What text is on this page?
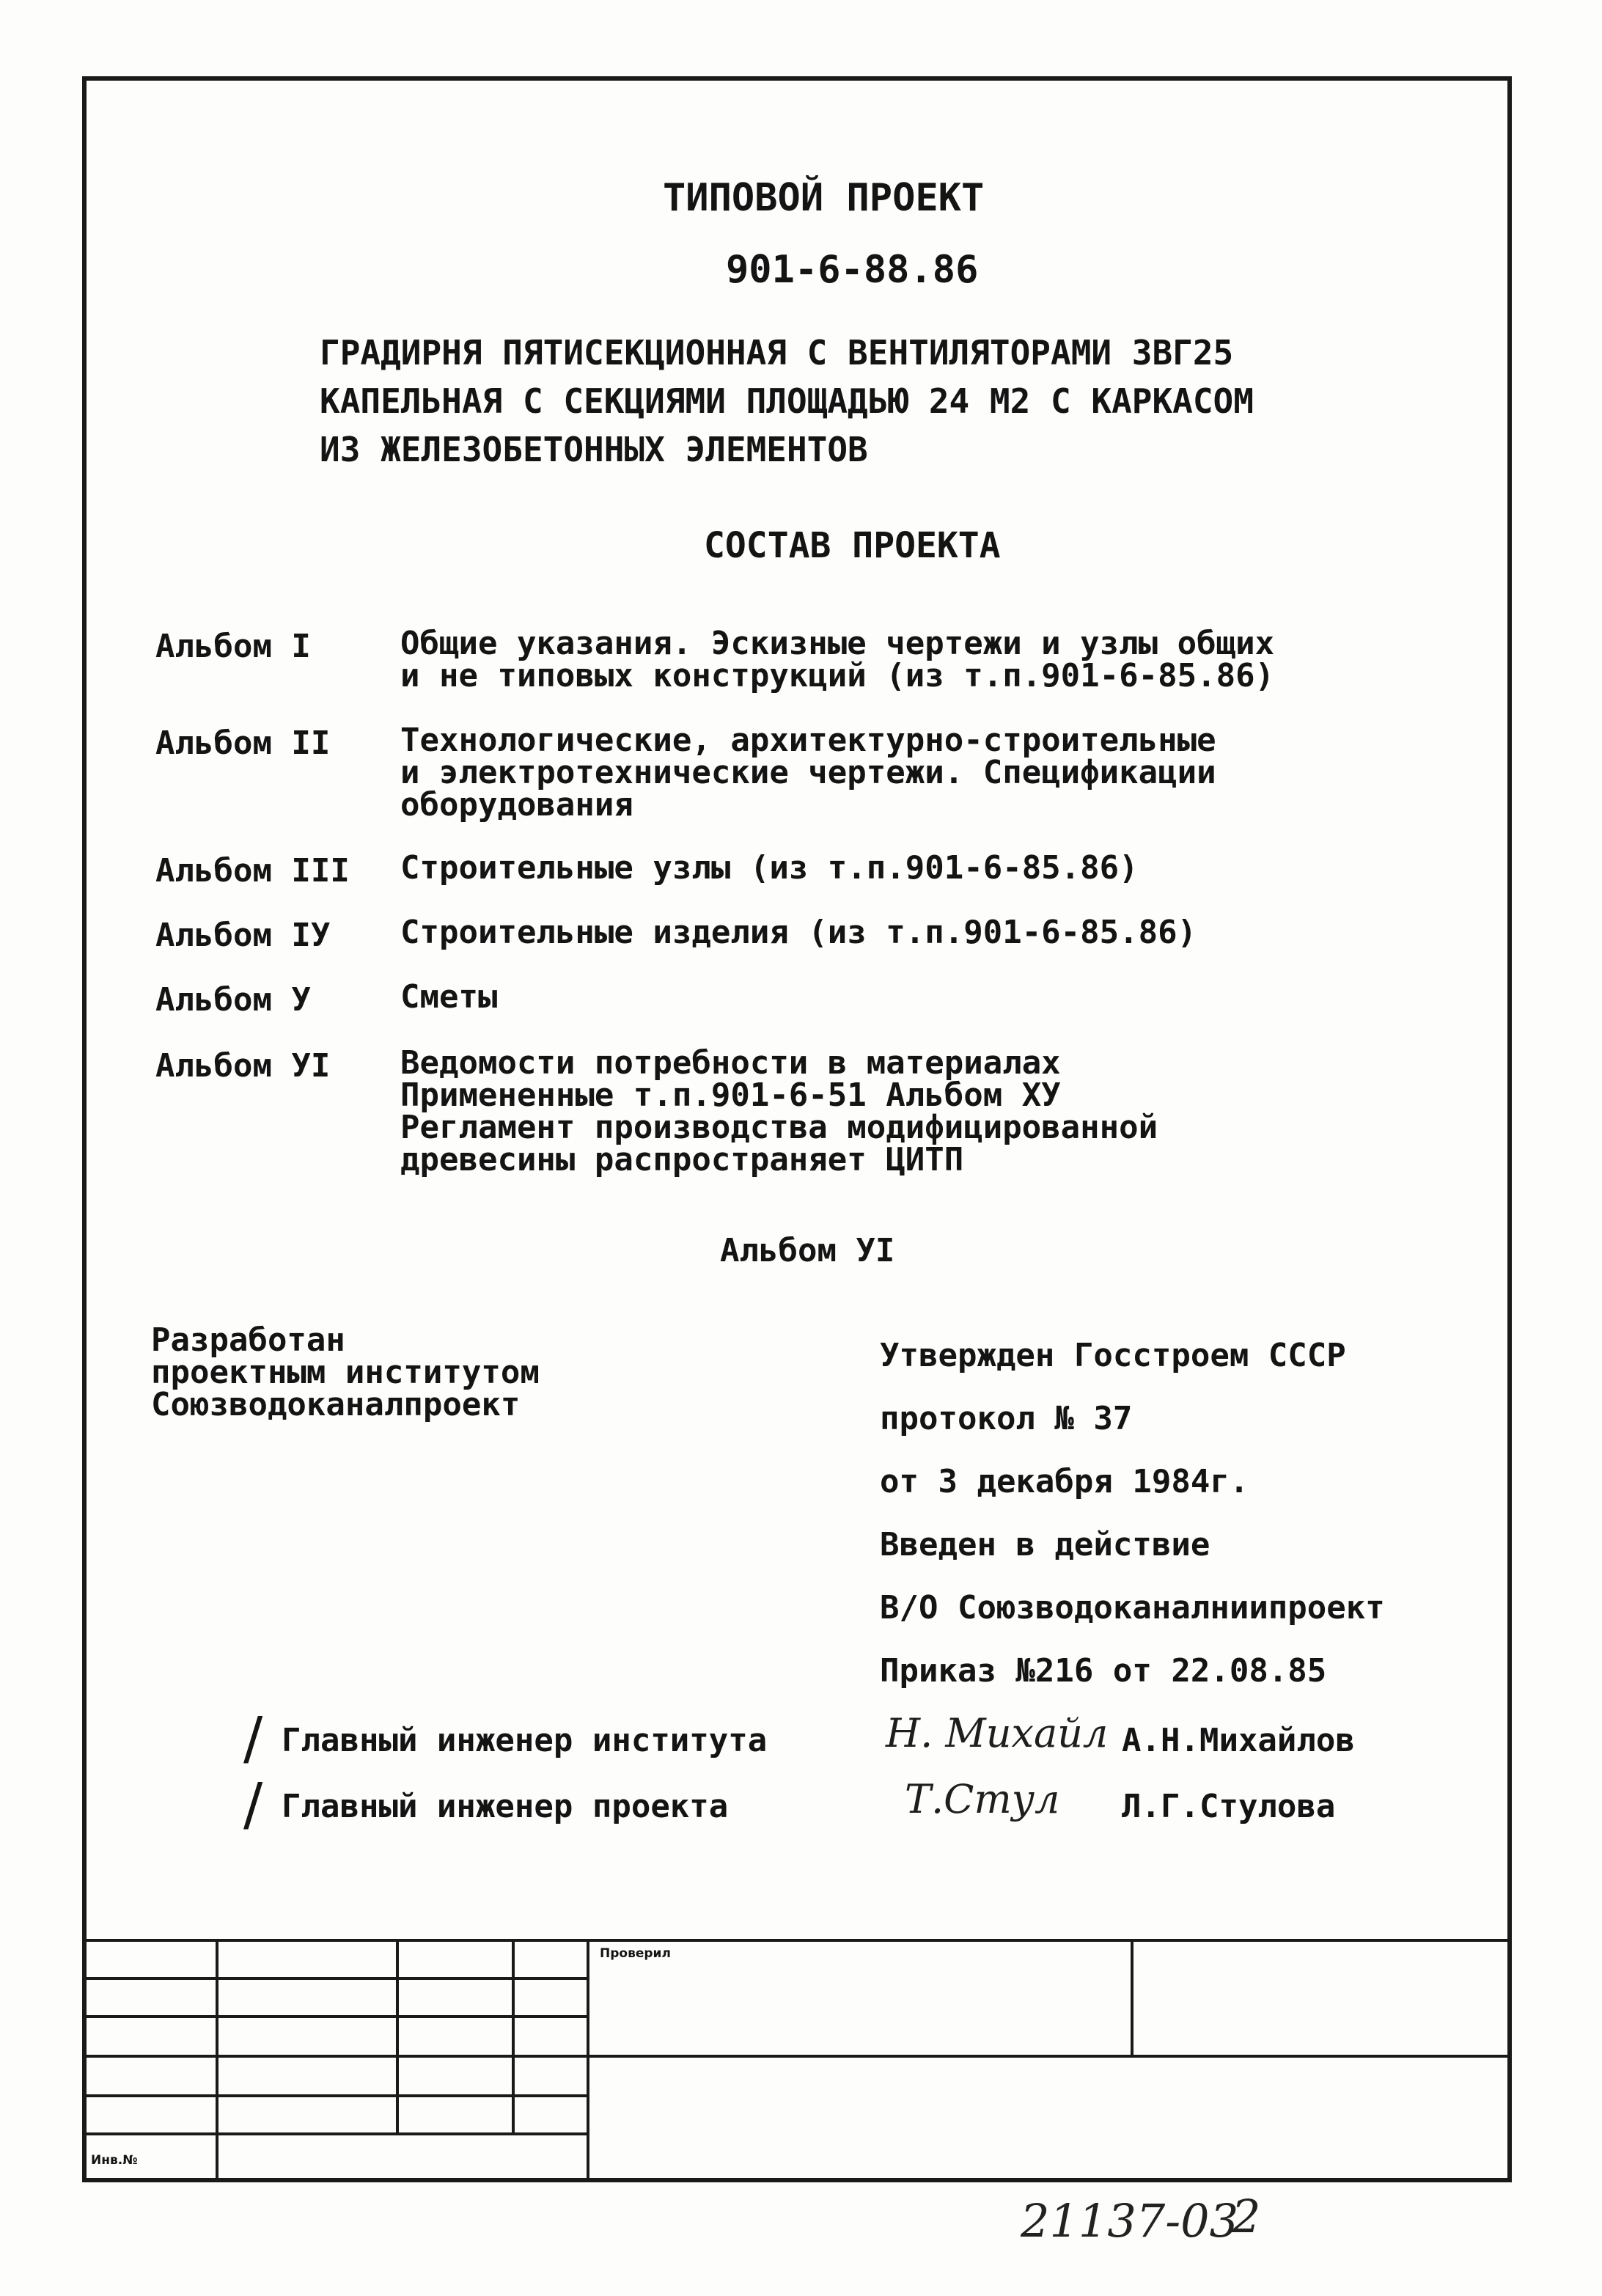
ТИПОВОЙ ПРОЕКТ
901-6-88.86
ГРАДИРНЯ ПЯТИСЕКЦИОННАЯ С ВЕНТИЛЯТОРАМИ 3ВГ25
КАПЕЛЬНАЯ С СЕКЦИЯМИ ПЛОЩАДЬЮ 24 М2 С КАРКАСОМ
ИЗ ЖЕЛЕЗОБЕТОННЫХ ЭЛЕМЕНТОВ
СОСТАВ ПРОЕКТА
Альбом I	Общие указания. Эскизные чертежи и узлы общих
и не типовых конструкций (из т.п.901-6-85.86)
Альбом II Технологические, архитектурно-строительные
и электротехнические чертежи. Спецификации
оборудования
Альбом III Строительные узлы (из т.п.901-6-85.86)
Альбом IУ Строительные изделия (из т.п.901-6-85.86)
Альбом У	Сметы
Альбом УI Ведомости потребности в материалах
Примененные т.п.901-6-51 Альбом ХУ
Регламент производства модифицированной
древесины распространяет ЦИТП
Альбом УI
Разработан
проектным институтом
Союзводоканалпроект
Утвержден Госстроем СССР
протокол № 37
от 3 декабря 1984г.
Введен в действие
В/О Союзводоканалниипроект
Приказ №216 от 22.08.85
/ Главный инженер института	Н. Михайл А.Н.Михайлов
/ Главный инженер проекта	Т.Стул Л.Г.Стулова
Проверил
Инв.№
21137-03
2
